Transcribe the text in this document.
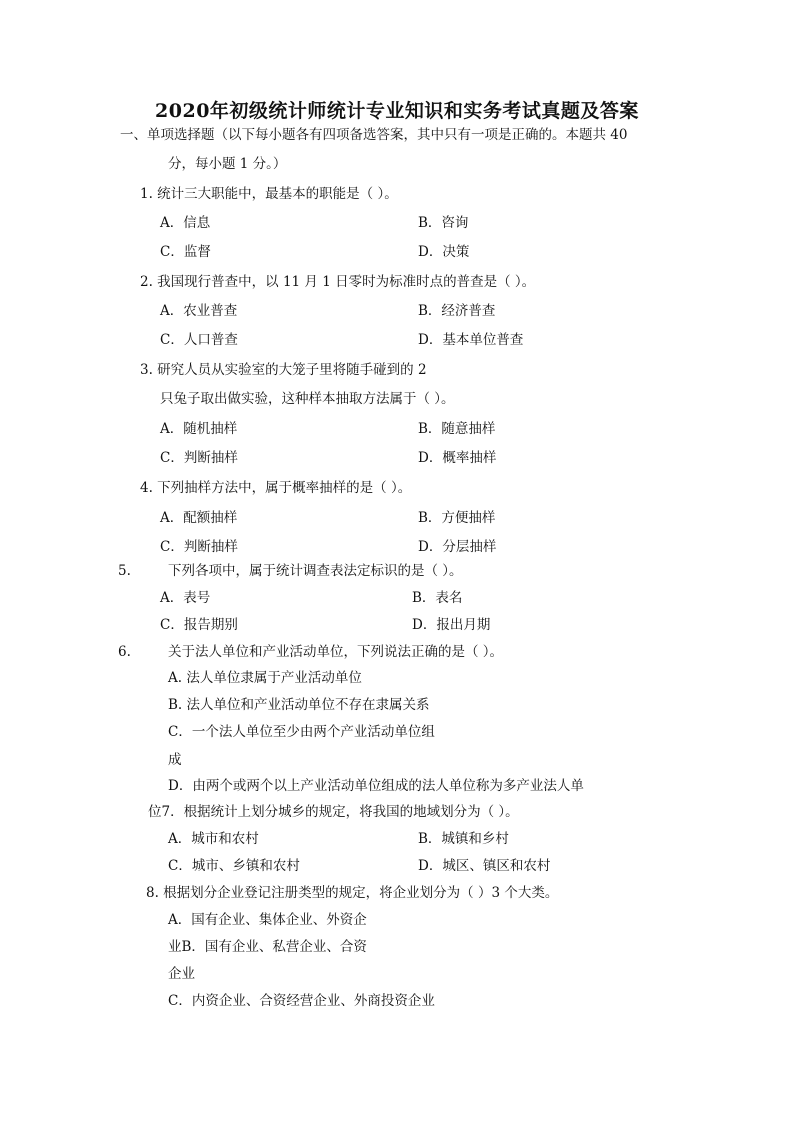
2020年初级统计师统计专业知识和实务考试真题及答案
一、单项选择题（以下每小题各有四项备选答案，其中只有一项是正确的。本题共 40
分，每小题 1 分。）
1. 统计三大职能中，最基本的职能是（ ）。
A．信息	B．咨询
C．监督	D．决策
2. 我国现行普查中，以 11 月 1 日零时为标准时点的普查是（ ）。
A．农业普查	B．经济普查
C．人口普查	D．基本单位普查
3. 研究人员从实验室的大笼子里将随手碰到的 2
只兔子取出做实验，这种样本抽取方法属于（ ）。
A．随机抽样	B．随意抽样
C．判断抽样	D．概率抽样
4. 下列抽样方法中，属于概率抽样的是（ ）。
A．配额抽样	B．方便抽样
C．判断抽样	D．分层抽样
5.	下列各项中，属于统计调查表法定标识的是（ ）。
A．表号	B．表名
C．报告期别	D．报出月期
6.	关于法人单位和产业活动单位，下列说法正确的是（ ）。
A. 法人单位隶属于产业活动单位
B. 法人单位和产业活动单位不存在隶属关系
C．一个法人单位至少由两个产业活动单位组
成
D．由两个或两个以上产业活动单位组成的法人单位称为多产业法人单
位7．根据统计上划分城乡的规定，将我国的地域划分为（ ）。
A．城市和农村	B．城镇和乡村
C．城市、乡镇和农村	D．城区、镇区和农村
8. 根据划分企业登记注册类型的规定，将企业划分为（ ）3 个大类。
A．国有企业、集体企业、外资企
业B．国有企业、私营企业、合资
企业
C．内资企业、合资经营企业、外商投资企业
